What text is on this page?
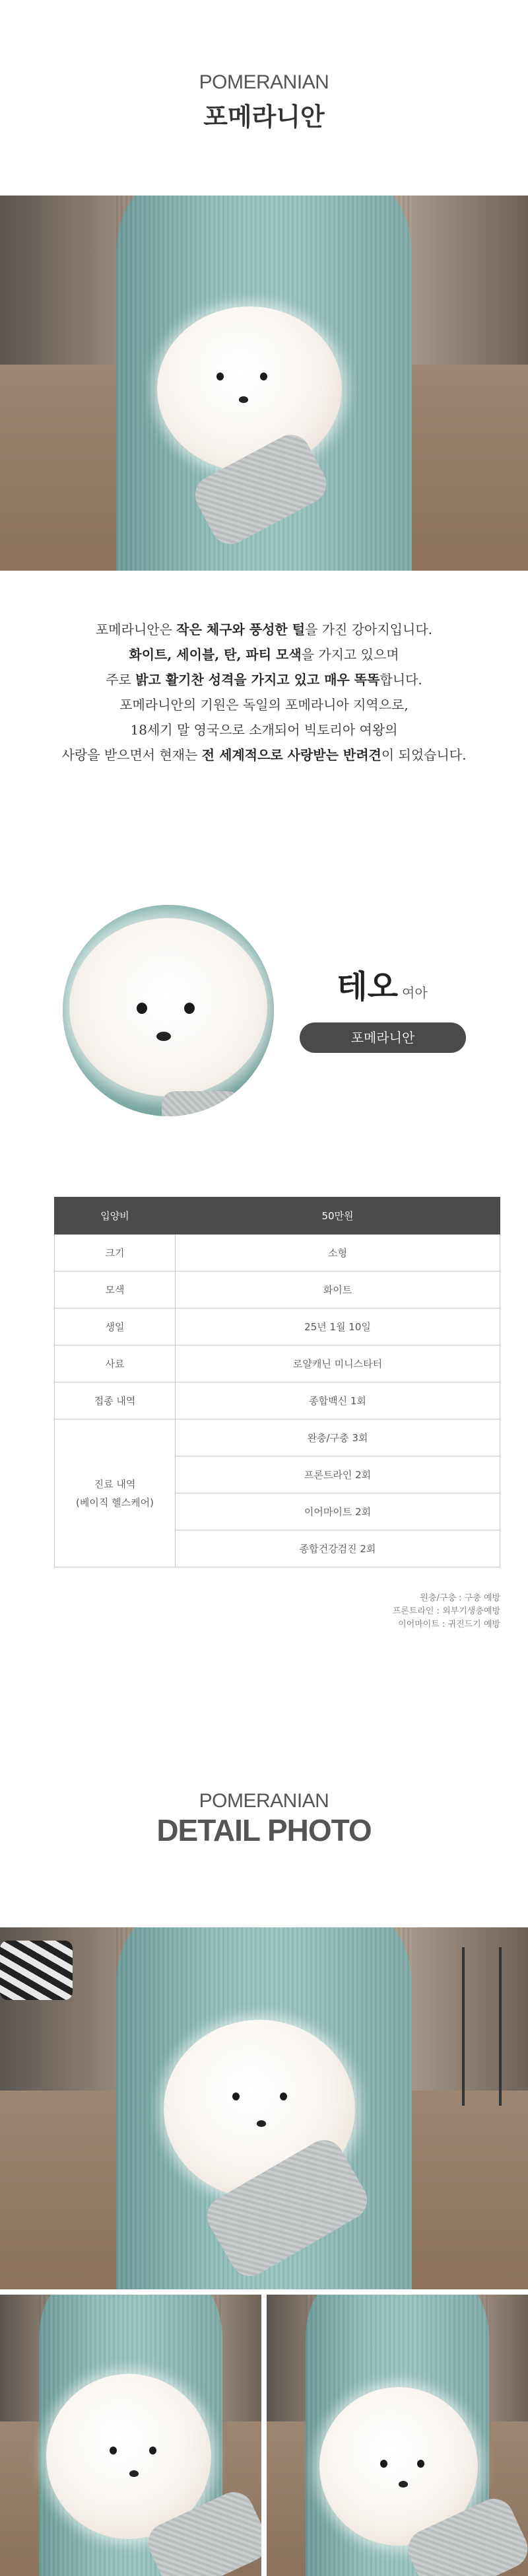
POMERANIAN
포메라니안
포메라니안은 작은 체구와 풍성한 털을 가진 강아지입니다.
화이트, 세이블, 탄, 파티 모색을 가지고 있으며
주로 밝고 활기찬 성격을 가지고 있고 매우 똑똑합니다.
포메라니안의 기원은 독일의 포메라니아 지역으로,
18세기 말 영국으로 소개되어 빅토리아 여왕의
사랑을 받으면서 현재는 전 세계적으로 사랑받는 반려견이 되었습니다.
테오 여아
포메라니안
입양비	50만원
크기	소형
모색	화이트
생일	25년 1월 10일
사료	로얄캐닌 미니스타터
접종 내역	종합백신 1회

진료 내역
(베이직 헬스케어)	완충/구충 3회
	프론트라인 2회
	이어마이트 2회
	종합건강검진 2회
원충/구충 : 구충 예방
프론트라인 : 외부기생충예방
이어마이트 : 귀진드기 예방
POMERANIAN
DETAIL PHOTO
